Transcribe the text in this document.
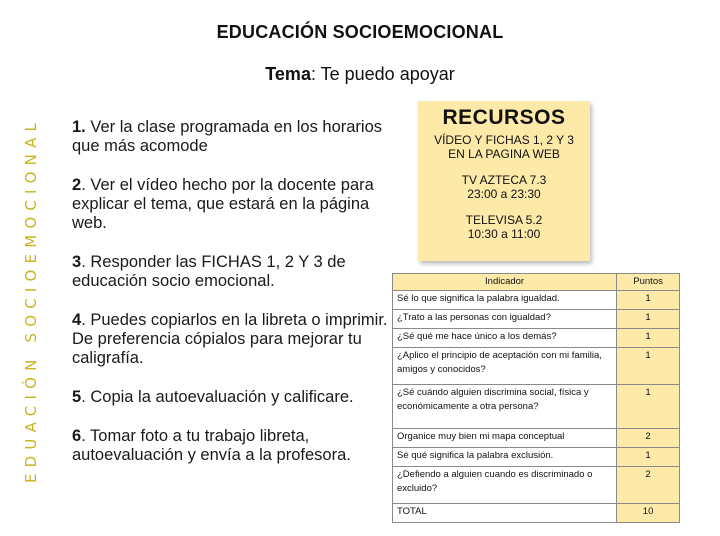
EDUCACIÓN SOCIOEMOCIONAL
Tema: Te puedo apoyar
EDUACIÓN SOCIOEMOCIONAL 1. Ver la clase programada en los horarios que más acomode

2. Ver el vídeo hecho por la docente para explicar el tema, que estará en la página web.

3. Responder las FICHAS 1, 2 Y 3 de educación socio emocional.

4. Puedes copiarlos en la libreta o imprimir. De preferencia cópialos para mejorar tu caligrafía.

5. Copia la autoevaluación y calificare.

6. Tomar foto a tu trabajo libreta, autoevaluación y envía a la profesora.

RECURSOS
VÍDEO Y FICHAS 1, 2 Y 3
EN LA PAGINA WEB
TV AZTECA 7.3
23:00 a 23:30
TELEVISA 5.2
10:30 a 11:00
Indicador	Puntos
Sé lo que significa la palabra igualdad.	1
¿Trato a las personas con igualdad?	1
¿Sé qué me hace único a los demás?	1
¿Aplico el principio de aceptación con mi familia, amigos y conocidos?	1
¿Sé cuándo alguien discrimina social, física y económicamente a otra persona?	1
Organice muy bien mi mapa conceptual	2
Sé qué significa la palabra exclusión.	1
¿Defiendo a alguien cuando es discriminado o excluido?	2
TOTAL	10
